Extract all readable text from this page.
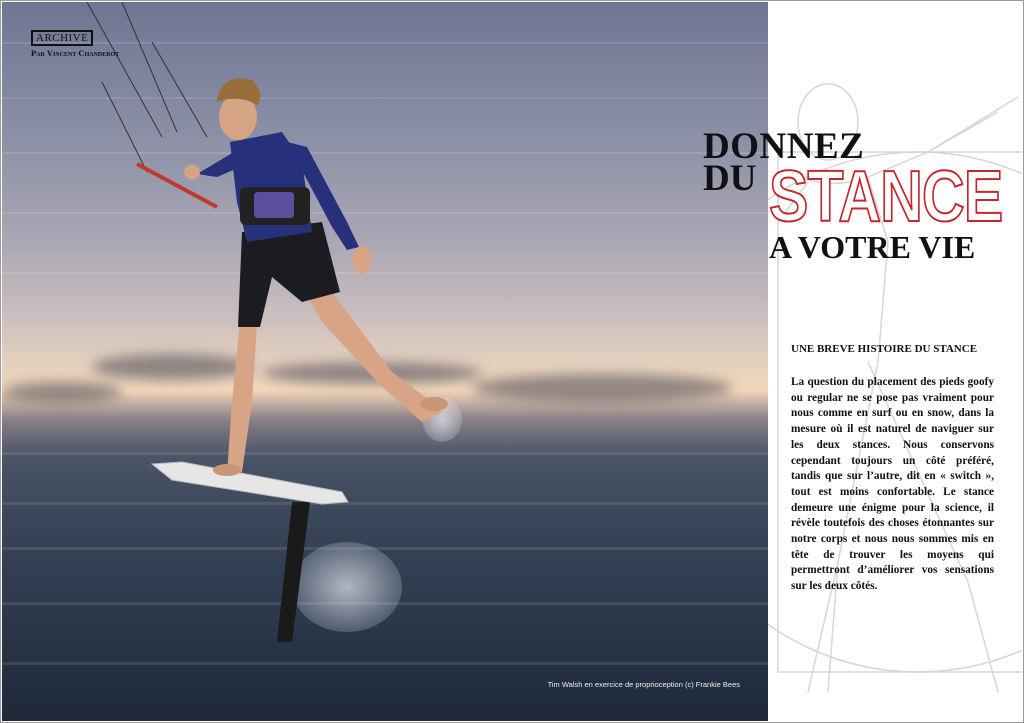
Tim Walsh en exercice de proprioception (c) Frankie Bees
ARCHIVE
Par Vincent Chanderot
DONNEZ
DU STANCE
A VOTRE VIE
UNE BREVE HISTOIRE DU STANCE
La question du placement des pieds goofy ou regular ne se pose pas vraiment pour nous comme en surf ou en snow, dans la mesure où il est naturel de naviguer sur les deux stances. Nous conservons cependant toujours un côté préféré, tandis que sur l’autre, dit en « switch », tout est moins confortable. Le stance demeure une énigme pour la science, il révèle toutefois des choses étonnantes sur notre corps et nous nous sommes mis en tête de trouver les moyens qui permettront d’améliorer vos sensations sur les deux côtés.
